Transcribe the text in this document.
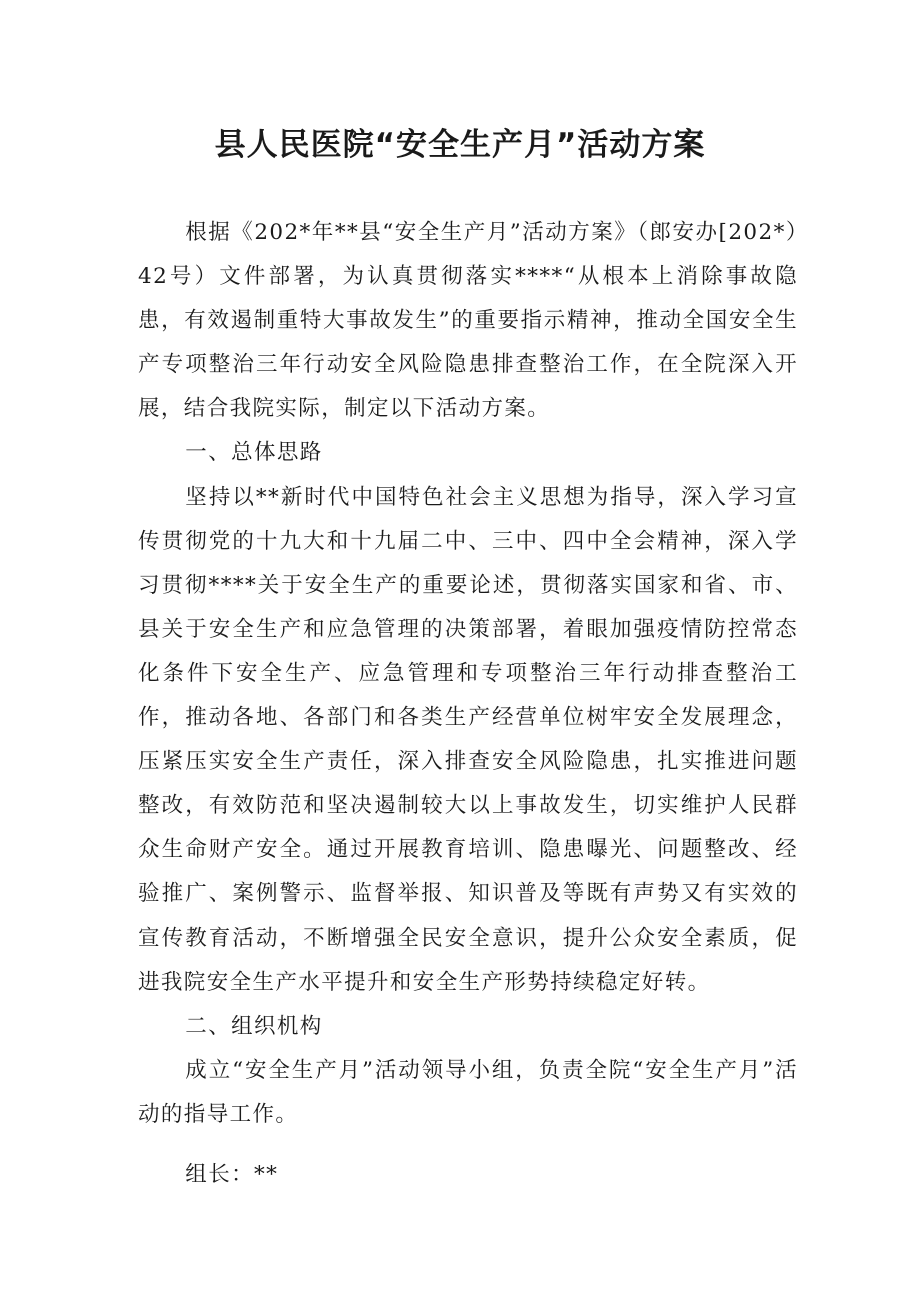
县人民医院“安全生产月”活动方案

根据《202*年**县“安全生产月”活动方案》（郎安办[202*）42号）文件部署，为认真贯彻落实****“从根本上消除事故隐患，有效遏制重特大事故发生”的重要指示精神，推动全国安全生产专项整治三年行动安全风险隐患排查整治工作，在全院深入开展，结合我院实际，制定以下活动方案。

一、总体思路

坚持以**新时代中国特色社会主义思想为指导，深入学习宣传贯彻党的十九大和十九届二中、三中、四中全会精神，深入学习贯彻****关于安全生产的重要论述，贯彻落实国家和省、市、县关于安全生产和应急管理的决策部署，着眼加强疫情防控常态化条件下安全生产、应急管理和专项整治三年行动排查整治工作，推动各地、各部门和各类生产经营单位树牢安全发展理念，压紧压实安全生产责任，深入排查安全风险隐患，扎实推进问题整改，有效防范和坚决遏制较大以上事故发生，切实维护人民群众生命财产安全。通过开展教育培训、隐患曝光、问题整改、经验推广、案例警示、监督举报、知识普及等既有声势又有实效的宣传教育活动，不断增强全民安全意识，提升公众安全素质，促进我院安全生产水平提升和安全生产形势持续稳定好转。

二、组织机构

成立“安全生产月”活动领导小组，负责全院“安全生产月”活动的指导工作。

组长：**
